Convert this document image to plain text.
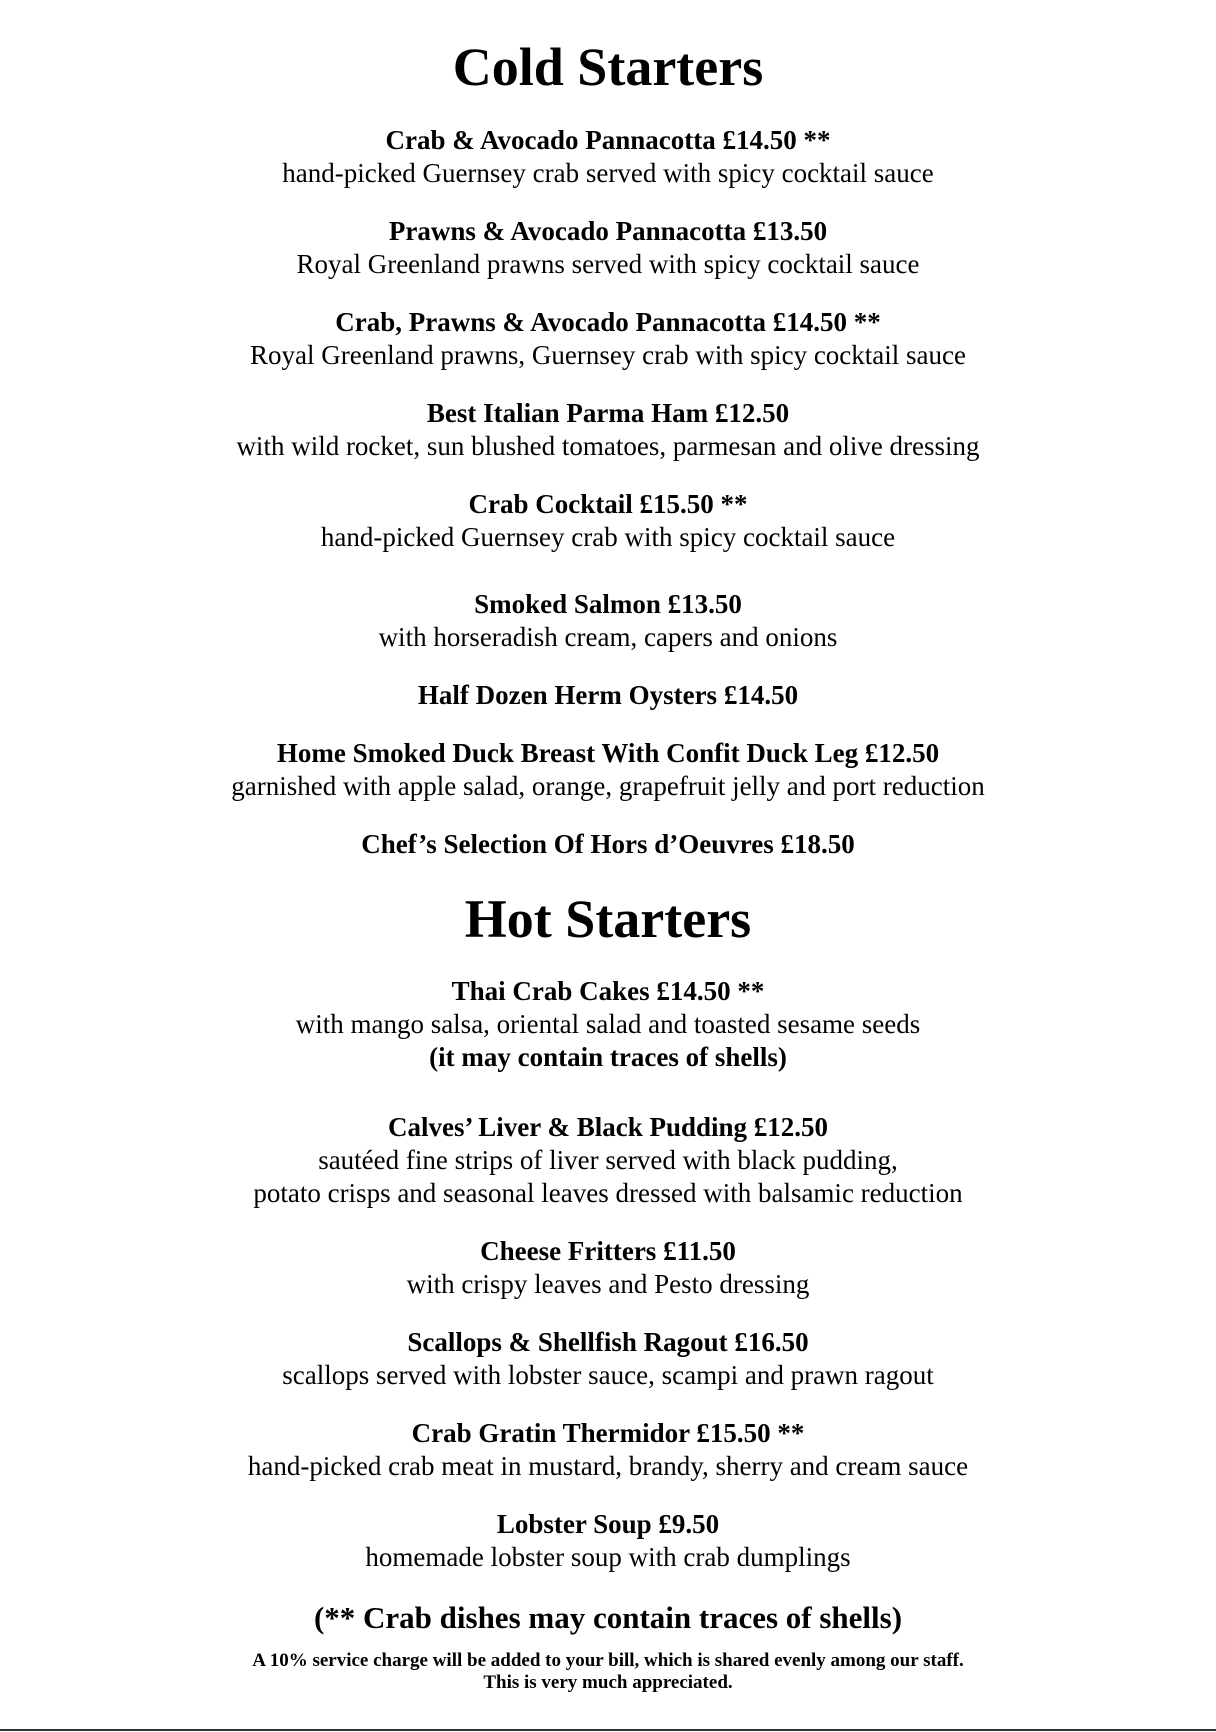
Cold Starters
Crab & Avocado Pannacotta £14.50 **
hand-picked Guernsey crab served with spicy cocktail sauce
Prawns & Avocado Pannacotta £13.50
Royal Greenland prawns served with spicy cocktail sauce
Crab, Prawns & Avocado Pannacotta £14.50 **
Royal Greenland prawns, Guernsey crab with spicy cocktail sauce
Best Italian Parma Ham £12.50
with wild rocket, sun blushed tomatoes, parmesan and olive dressing
Crab Cocktail £15.50 **
hand-picked Guernsey crab with spicy cocktail sauce
Smoked Salmon £13.50
with horseradish cream, capers and onions
Half Dozen Herm Oysters £14.50
Home Smoked Duck Breast With Confit Duck Leg £12.50
garnished with apple salad, orange, grapefruit jelly and port reduction
Chef’s Selection Of Hors d’Oeuvres £18.50
Hot Starters
Thai Crab Cakes £14.50 **
with mango salsa, oriental salad and toasted sesame seeds
(it may contain traces of shells)
Calves’ Liver & Black Pudding £12.50
sautéed fine strips of liver served with black pudding,
potato crisps and seasonal leaves dressed with balsamic reduction
Cheese Fritters £11.50
with crispy leaves and Pesto dressing
Scallops & Shellfish Ragout £16.50
scallops served with lobster sauce, scampi and prawn ragout
Crab Gratin Thermidor £15.50 **
hand-picked crab meat in mustard, brandy, sherry and cream sauce
Lobster Soup £9.50
homemade lobster soup with crab dumplings
(** Crab dishes may contain traces of shells)
A 10% service charge will be added to your bill, which is shared evenly among our staff.
This is very much appreciated.
